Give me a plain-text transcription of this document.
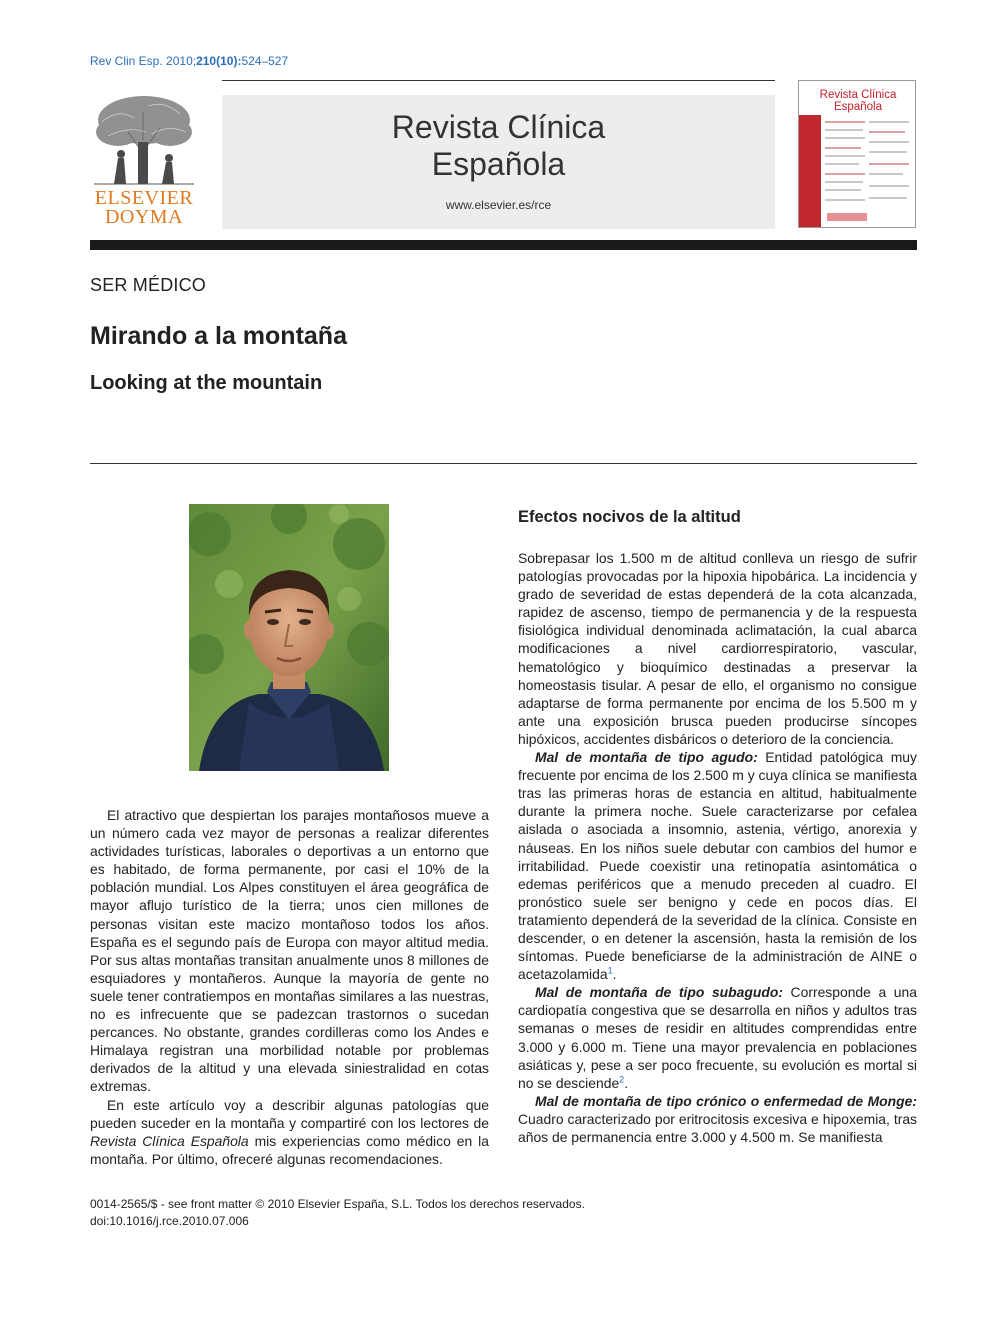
Rev Clin Esp. 2010;210(10):524–527
ELSEVIER
DOYMA
Revista Clínica
Española
www.elsevier.es/rce
Revista Clínica
Española
SER MÉDICO
Mirando a la montaña
Looking at the mountain

El atractivo que despiertan los parajes montañosos mueve a un número cada vez mayor de personas a realizar diferentes actividades turísticas, laborales o deportivas a un entorno que es habitado, de forma permanente, por casi el 10% de la población mundial. Los Alpes constituyen el área geográfica de mayor aflujo turístico de la tierra; unos cien millones de personas visitan este macizo montañoso todos los años. España es el segundo país de Europa con mayor altitud media. Por sus altas montañas transitan anualmente unos 8 millones de esquiadores y montañeros. Aunque la mayoría de gente no suele tener contratiempos en montañas similares a las nuestras, no es infrecuente que se padezcan trastornos o sucedan percances. No obstante, grandes cordilleras como los Andes e Himalaya registran una morbilidad notable por problemas derivados de la altitud y una elevada siniestralidad en cotas extremas.

En este artículo voy a describir algunas patologías que pueden suceder en la montaña y compartiré con los lectores de Revista Clínica Española mis experiencias como médico en la montaña. Por último, ofreceré algunas recomendaciones.

Efectos nocivos de la altitud

Sobrepasar los 1.500 m de altitud conlleva un riesgo de sufrir patologías provocadas por la hipoxia hipobárica. La incidencia y grado de severidad de estas dependerá de la cota alcanzada, rapidez de ascenso, tiempo de permanencia y de la respuesta fisiológica individual denominada aclimatación, la cual abarca modificaciones a nivel cardiorrespiratorio, vascular, hematológico y bioquímico destinadas a preservar la homeostasis tisular. A pesar de ello, el organismo no consigue adaptarse de forma permanente por encima de los 5.500 m y ante una exposición brusca pueden producirse síncopes hipóxicos, accidentes disbáricos o deterioro de la conciencia.

Mal de montaña de tipo agudo: Entidad patológica muy frecuente por encima de los 2.500 m y cuya clínica se manifiesta tras las primeras horas de estancia en altitud, habitualmente durante la primera noche. Suele caracterizarse por cefalea aislada o asociada a insomnio, astenia, vértigo, anorexia y náuseas. En los niños suele debutar con cambios del humor e irritabilidad. Puede coexistir una retinopatía asintomática o edemas periféricos que a menudo preceden al cuadro. El pronóstico suele ser benigno y cede en pocos días. El tratamiento dependerá de la severidad de la clínica. Consiste en descender, o en detener la ascensión, hasta la remisión de los síntomas. Puede beneficiarse de la administración de AINE o acetazolamida$^1$.

Mal de montaña de tipo subagudo: Corresponde a una cardiopatía congestiva que se desarrolla en niños y adultos tras semanas o meses de residir en altitudes comprendidas entre 3.000 y 6.000 m. Tiene una mayor prevalencia en poblaciones asiáticas y, pese a ser poco frecuente, su evolución es mortal si no se desciende$^2$.

Mal de montaña de tipo crónico o enfermedad de Monge: Cuadro caracterizado por eritrocitosis excesiva e hipoxemia, tras años de permanencia entre 3.000 y 4.500 m. Se manifiesta

0014-2565/$ - see front matter © 2010 Elsevier España, S.L. Todos los derechos reservados.
doi:10.1016/j.rce.2010.07.006
